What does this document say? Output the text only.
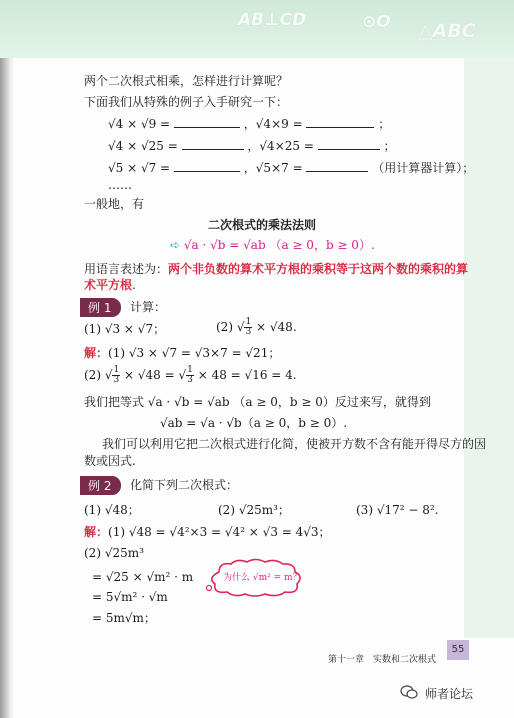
AB⊥CD	⊙O △ABC
两个二次根式相乘，怎样进行计算呢？
下面我们从特殊的例子入手研究一下：
√4 × √9 =	，√4×9 =	；
√4 × √25 =	，√4×25 =	；
√5 × √7 =	，√5×7 =	（用计算器计算）；
……
一般地，有
二次根式的乘法法则
➪ √a · √b = √ab （a ≥ 0，b ≥ 0）.
用语言表述为：两个非负数的算术平方根的乘积等于这两个数的乘积的算
术平方根.
例 1	计算：
(1) √3 × √7；	(2) √ $\frac{1}{3} \times √48$.
解：(1) √3 × √7 = √3×7 = √21；
(2) √ $\frac{1}{3} \times √48$ = √ $\frac{1}{3} \times 48 = √16 = 4$.
我们把等式 √a · √b = √ab （a ≥ 0，b ≥ 0）反过来写，就得到
√ab = √a · √b（a ≥ 0，b ≥ 0）.
我们可以利用它把二次根式进行化简，使被开方数不含有能开得尽方的因
数或因式.
例 2	化简下列二次根式：
(1) √48；	(2) √25m³；	(3) √17² − 8².
解：(1) √48 = √4²×3 = √4² × √3 = 4√3；
(2) √25m³
= √25 × √m² · m
= 5√m² · √m
= 5m√m；
为什么 √m² = m？
第十一章　实数和二次根式
55
师者论坛
